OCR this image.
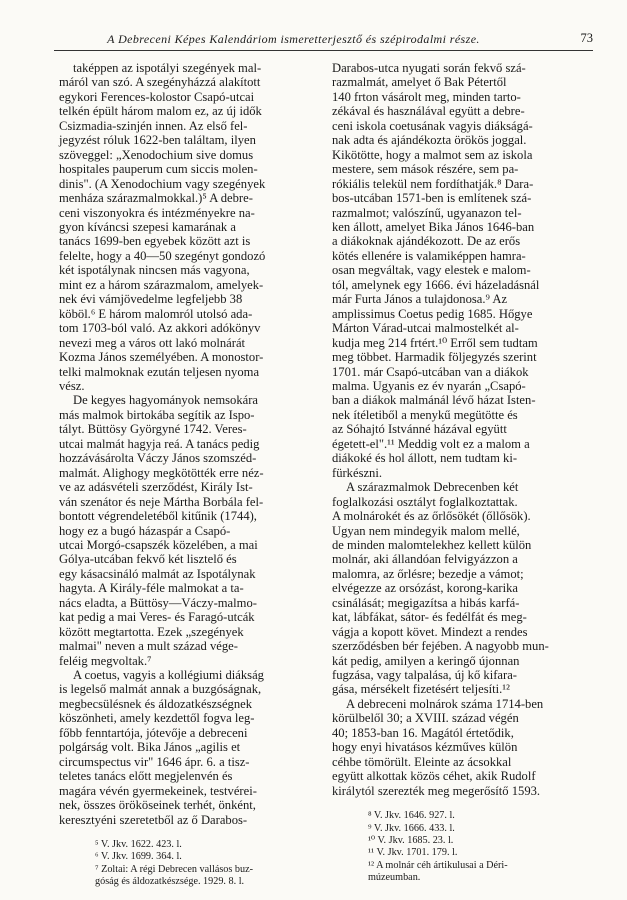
A Debreceni Képes Kalendáriom ismeretterjesztő és szépirodalmi része.	73

taképpen az ispotályi szegények mal-
máról van szó. A szegényházzá alakított
egykori Ferences-kolostor Csapó-utcai
telkén épült három malom ez, az új idők
Csizmadia-szinjén innen. Az első fel-
jegyzést róluk 1622-ben találtam, ilyen
szöveggel: „Xenodochium sive domus
hospitales pauperum cum siccis molen-
dinis". (A Xenodochium vagy szegények
menháza szárazmalmokkal.)⁵ A debre-
ceni viszonyokra és intézményekre na-
gyon kíváncsi szepesi kamarának a
tanács 1699-ben egyebek között azt is
felelte, hogy a 40—50 szegényt gondozó
két ispotálynak nincsen más vagyona,
mint ez a három szárazmalom, amelyek-
nek évi vámjövedelme legfeljebb 38
köböl.⁶ E három malomról utolsó ada-
tom 1703-ból való. Az akkori adókönyv
nevezi meg a város ott lakó molnárát
Kozma János személyében. A monostor-
telki malmoknak ezután teljesen nyoma
vész.

De kegyes hagyományok nemsokára
más malmok birtokába segítik az Ispo-
tályt. Büttösy Györgyné 1742. Veres-
utcai malmát hagyja reá. A tanács pedig
hozzávásárolta Váczy János szomszéd-
malmát. Alighogy megkötötték erre néz-
ve az adásvételi szerződést, Király Ist-
ván szenátor és neje Mártha Borbála fel-
bontott végrendeletéből kitűnik (1744),
hogy ez a bugó házaspár a Csapó-
utcai Morgó-csapszék közelében, a mai
Gólya-utcában fekvő két lisztelő és
egy kásacsináló malmát az Ispotálynak
hagyta. A Király-féle malmokat a ta-
nács eladta, a Büttösy—Váczy-malmo-
kat pedig a mai Veres- és Faragó-utcák
között megtartotta. Ezek „szegények
malmai" neven a mult század vége-
feléig megvoltak.⁷

A coetus, vagyis a kollégiumi diákság
is legelső malmát annak a buzgóságnak,
megbecsülésnek és áldozatkészségnek
köszönheti, amely kezdettől fogva leg-
főbb fenntartója, jótevője a debreceni
polgárság volt. Bika János „agilis et
circumspectus vir" 1646 ápr. 6. a tisz-
teletes tanács előtt megjelenvén és
magára vévén gyermekeinek, testvérei-
nek, összes örököseinek terhét, önként,
keresztyéni szeretetből az ő Darabos-

⁵ V. Jkv. 1622. 423. l.
⁶ V. Jkv. 1699. 364. l.
⁷ Zoltai: A régi Debrecen vallásos buz-
góság és áldozatkészsége. 1929. 8. l.

Darabos-utca nyugati során fekvő szá-
razmalmát, amelyet ő Bak Pétertől
140 frton vásárolt meg, minden tarto-
zékával és használával együtt a debre-
ceni iskola coetusának vagyis diákságá-
nak adta és ajándékozta örökös joggal.
Kikötötte, hogy a malmot sem az iskola
mestere, sem mások részére, sem pa-
rókiális telekül nem fordíthatják.⁸ Dara-
bos-utcában 1571-ben is említenek szá-
razmalmot; valószínű, ugyanazon tel-
ken állott, amelyet Bika János 1646-ban
a diákoknak ajándékozott. De az erős
kötés ellenére is valamiképpen hamra-
osan megváltak, vagy elestek e malom-
tól, amelynek egy 1666. évi házeladásnál
már Furta János a tulajdonosa.⁹ Az
amplissimus Coetus pedig 1685. Hőgye
Márton Várad-utcai malmostelkét al-
kudja meg 214 frtért.¹⁰ Erről sem tudtam
meg többet. Harmadik följegyzés szerint
1701. már Csapó-utcában van a diákok
malma. Ugyanis ez év nyarán „Csapó-
ban a diákok malmánál lévő házat Isten-
nek ítéletiből a menykű megütötte és
az Sóhajtó Istvánné házával együtt
égetett-el".¹¹ Meddig volt ez a malom a
diákoké és hol állott, nem tudtam ki-
fürkészni.

A szárazmalmok Debrecenben két
foglalkozási osztályt foglalkoztattak.
A molnárokét és az őrlősökét (őllősök).
Ugyan nem mindegyik malom mellé,
de minden malomtelekhez kellett külön
molnár, aki állandóan felvigyázzon a
malomra, az őrlésre; bezedje a vámot;
elvégezze az orsózást, korong-karika
csinálását; megigazítsa a hibás karfá-
kat, lábfákat, sátor- és fedélfát és meg-
vágja a kopott követ. Mindezt a rendes
szerződésben bér fejében. A nagyobb mun-
kát pedig, amilyen a keringő újonnan
fugzása, vagy talpalása, új kő kifara-
gása, mérsékelt fizetésért teljesíti.¹²

A debreceni molnárok száma 1714-ben
körülbelől 30; a XVIII. század végén
40; 1853-ban 16. Magától értetődik,
hogy enyi hivatásos kézműves külön
céhbe tömörült. Eleinte az ácsokkal
együtt alkottak közös céhet, akik Rudolf
királytól szerezték meg megerősítő 1593.

⁸ V. Jkv. 1646. 927. l.
⁹ V. Jkv. 1666. 433. l.
¹⁰ V. Jkv. 1685. 23. l.
¹¹ V. Jkv. 1701. 179. l.
¹² A molnár céh ártikulusai a Déri-
múzeumban.
